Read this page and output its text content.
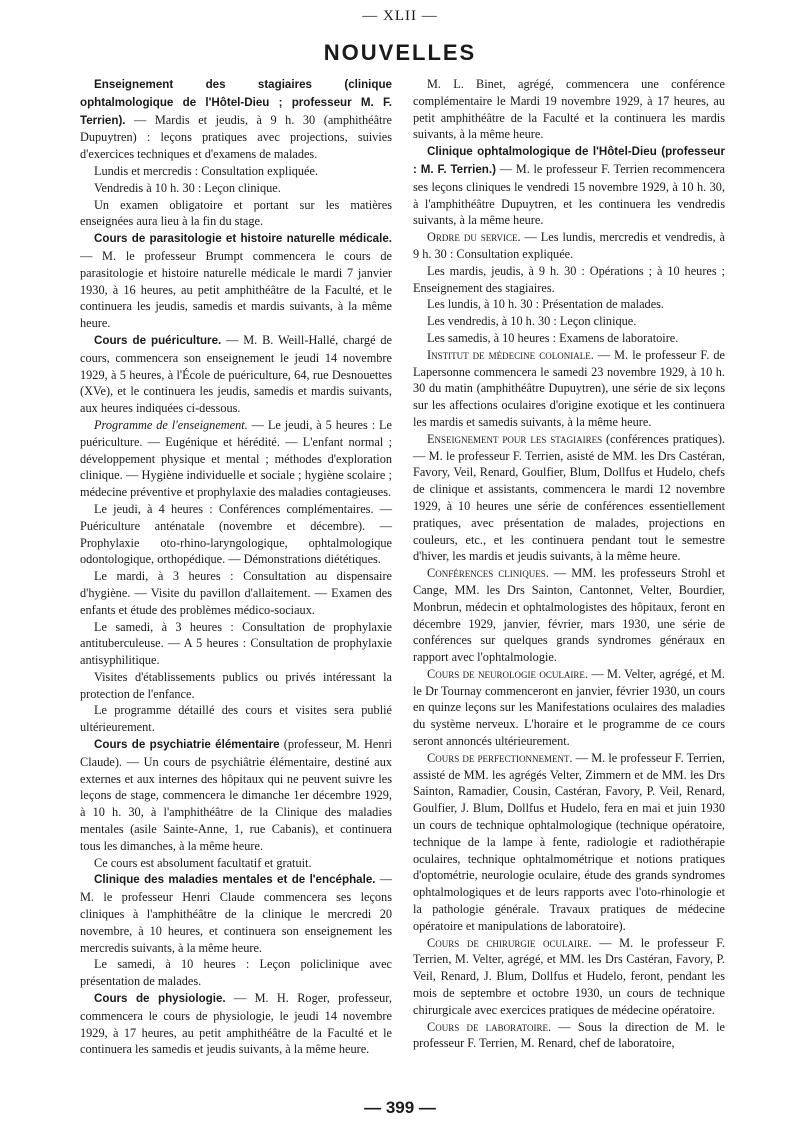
— XLII —
NOUVELLES

Enseignement des stagiaires (clinique ophtalmologique de l'Hôtel-Dieu ; professeur M. F. Terrien). — Mardis et jeudis, à 9 h. 30 (amphithéâtre Dupuytren) : leçons pratiques avec projections, suivies d'exercices techniques et d'examens de malades.

Lundis et mercredis : Consultation expliquée.

Vendredis à 10 h. 30 : Leçon clinique.

Un examen obligatoire et portant sur les matières enseignées aura lieu à la fin du stage.

Cours de parasitologie et histoire naturelle médicale. — M. le professeur Brumpt commencera le cours de parasitologie et histoire naturelle médicale le mardi 7 janvier 1930, à 16 heures, au petit amphithéâtre de la Faculté, et le continuera les jeudis, samedis et mardis suivants, à la même heure.

Cours de puériculture. — M. B. Weill-Hallé, chargé de cours, commencera son enseignement le jeudi 14 novembre 1929, à 5 heures, à l'École de puériculture, 64, rue Desnouettes (XVe), et le continuera les jeudis, samedis et mardis suivants, aux heures indiquées ci-dessous.

Programme de l'enseignement. — Le jeudi, à 5 heures : Le puériculture. — Eugénique et hérédité. — L'enfant normal ; développement physique et mental ; méthodes d'exploration clinique. — Hygiène individuelle et sociale ; hygiène scolaire ; médecine préventive et prophylaxie des maladies contagieuses.

Le jeudi, à 4 heures : Conférences complémentaires. — Puériculture anténatale (novembre et décembre). — Prophylaxie oto-rhino-laryngologique, ophtalmologique odontologique, orthopédique. — Démonstrations diététiques.

Le mardi, à 3 heures : Consultation au dispensaire d'hygiène. — Visite du pavillon d'allaitement. — Examen des enfants et étude des problèmes médico-sociaux.

Le samedi, à 3 heures : Consultation de prophylaxie antituberculeuse. — A 5 heures : Consultation de prophylaxie antisyphilitique.

Visites d'établissements publics ou privés intéressant la protection de l'enfance.

Le programme détaillé des cours et visites sera publié ultérieurement.

Cours de psychiatrie élémentaire (professeur, M. Henri Claude). — Un cours de psychiâtrie élémentaire, destiné aux externes et aux internes des hôpitaux qui ne peuvent suivre les leçons de stage, commencera le dimanche 1er décembre 1929, à 10 h. 30, à l'amphithéâtre de la Clinique des maladies mentales (asile Sainte-Anne, 1, rue Cabanis), et continuera tous les dimanches, à la même heure.

Ce cours est absolument facultatif et gratuit.

Clinique des maladies mentales et de l'encéphale. — M. le professeur Henri Claude commencera ses leçons cliniques à l'amphithéâtre de la clinique le mercredi 20 novembre, à 10 heures, et continuera son enseignement les mercredis suivants, à la même heure.

Le samedi, à 10 heures : Leçon policlinique avec présentation de malades.

Cours de physiologie. — M. H. Roger, professeur, commencera le cours de physiologie, le jeudi 14 novembre 1929, à 17 heures, au petit amphithéâtre de la Faculté et le continuera les samedis et jeudis suivants, à la même heure.

M. L. Binet, agrégé, commencera une conférence complémentaire le Mardi 19 novembre 1929, à 17 heures, au petit amphithéâtre de la Faculté et la continuera les mardis suivants, à la même heure.

Clinique ophtalmologique de l'Hôtel-Dieu (professeur : M. F. Terrien.) — M. le professeur F. Terrien recommencera ses leçons cliniques le vendredi 15 novembre 1929, à 10 h. 30, à l'amphithéâtre Dupuytren, et les continuera les vendredis suivants, à la même heure.

Ordre du service. — Les lundis, mercredis et vendredis, à 9 h. 30 : Consultation expliquée.

Les mardis, jeudis, à 9 h. 30 : Opérations ; à 10 heures ; Enseignement des stagiaires.

Les lundis, à 10 h. 30 : Présentation de malades.

Les vendredis, à 10 h. 30 : Leçon clinique.

Les samedis, à 10 heures : Examens de laboratoire.

Institut de médecine coloniale. — M. le professeur F. de Lapersonne commencera le samedi 23 novembre 1929, à 10 h. 30 du matin (amphithéâtre Dupuytren), une série de six leçons sur les affections oculaires d'origine exotique et les continuera les mardis et samedis suivants, à la même heure.

Enseignement pour les stagiaires (conférences pratiques). — M. le professeur F. Terrien, asisté de MM. les Drs Castéran, Favory, Veil, Renard, Goulfier, Blum, Dollfus et Hudelo, chefs de clinique et assistants, commencera le mardi 12 novembre 1929, à 10 heures une série de conférences essentiellement pratiques, avec présentation de malades, projections en couleurs, etc., et les continuera pendant tout le semestre d'hiver, les mardis et jeudis suivants, à la même heure.

Conférences cliniques. — MM. les professeurs Strohl et Cange, MM. les Drs Sainton, Cantonnet, Velter, Bourdier, Monbrun, médecin et ophtalmologistes des hôpitaux, feront en décembre 1929, janvier, février, mars 1930, une série de conférences sur quelques grands syndromes généraux en rapport avec l'ophtalmologie.

Cours de neurologie oculaire. — M. Velter, agrégé, et M. le Dr Tournay commenceront en janvier, février 1930, un cours en quinze leçons sur les Manifestations oculaires des maladies du système nerveux. L'horaire et le programme de ce cours seront annoncés ultérieurement.

Cours de perfectionnement. — M. le professeur F. Terrien, assisté de MM. les agrégés Velter, Zimmern et de MM. les Drs Sainton, Ramadier, Cousin, Castéran, Favory, P. Veil, Renard, Goulfier, J. Blum, Dollfus et Hudelo, fera en mai et juin 1930 un cours de technique ophtalmologique (technique opératoire, technique de la lampe à fente, radiologie et radiothérapie oculaires, technique ophtalmométrique et notions pratiques d'optométrie, neurologie oculaire, étude des grands syndromes ophtalmologiques et de leurs rapports avec l'oto-rhinologie et la pathologie générale. Travaux pratiques de médecine opératoire et manipulations de laboratoire).

Cours de chirurgie oculaire. — M. le professeur F. Terrien, M. Velter, agrégé, et MM. les Drs Castéran, Favory, P. Veil, Renard, J. Blum, Dollfus et Hudelo, feront, pendant les mois de septembre et octobre 1930, un cours de technique chirurgicale avec exercices pratiques de médecine opératoire.

Cours de laboratoire. — Sous la direction de M. le professeur F. Terrien, M. Renard, chef de laboratoire,

— 399 —
